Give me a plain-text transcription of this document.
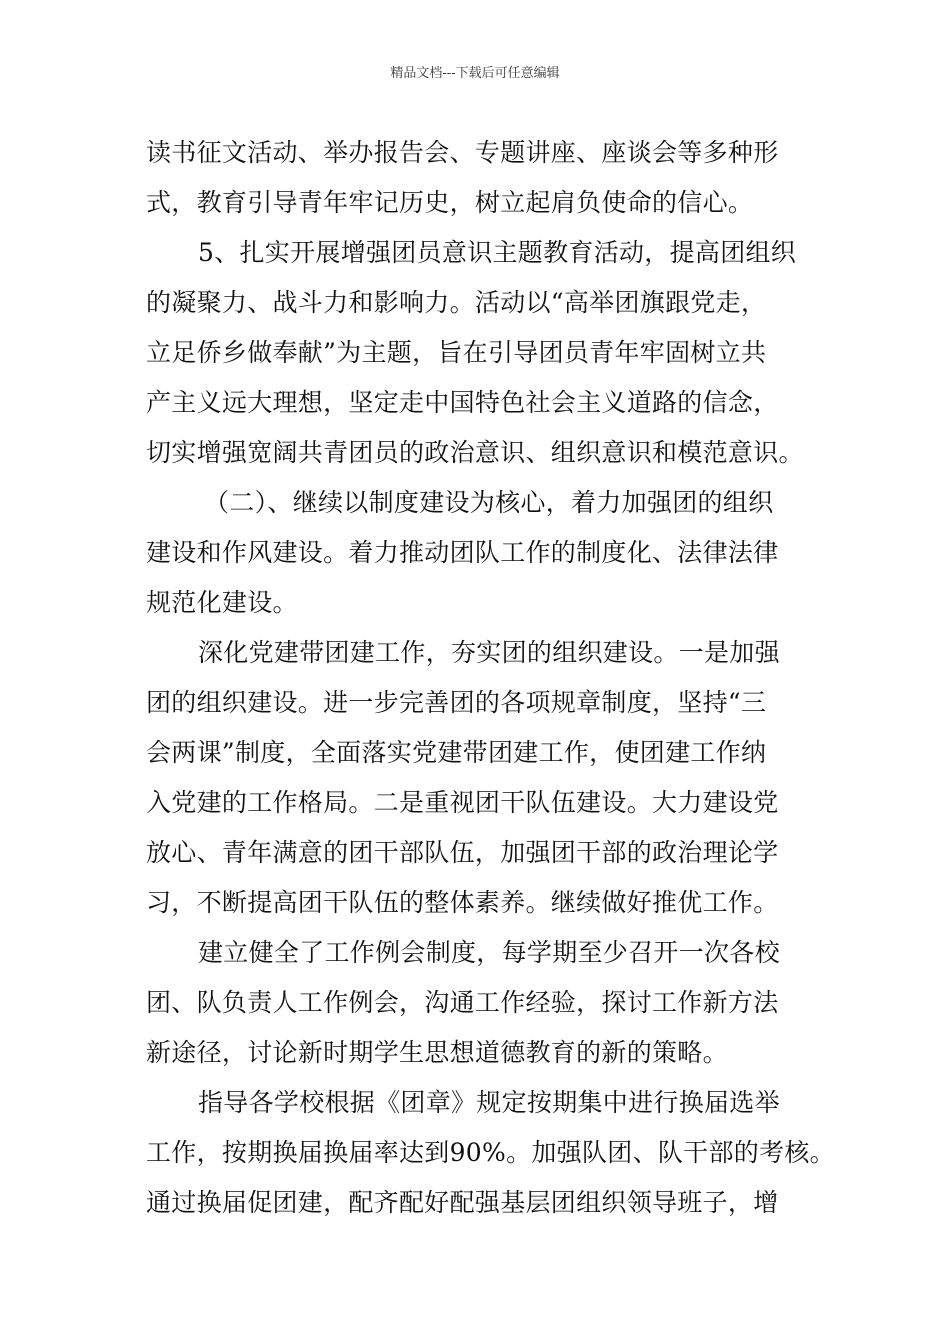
精品文档---下载后可任意编辑
读书征文活动、举办报告会、专题讲座、座谈会等多种形
式，教育引导青年牢记历史，树立起肩负使命的信心。
5、扎实开展增强团员意识主题教育活动，提高团组织
的凝聚力、战斗力和影响力。活动以“高举团旗跟党走，
立足侨乡做奉献”为主题，旨在引导团员青年牢固树立共
产主义远大理想，坚定走中国特色社会主义道路的信念，
切实增强宽阔共青团员的政治意识、组织意识和模范意识。
（二）、继续以制度建设为核心，着力加强团的组织
建设和作风建设。着力推动团队工作的制度化、法律法律
规范化建设。
深化党建带团建工作，夯实团的组织建设。一是加强
团的组织建设。进一步完善团的各项规章制度，坚持“三
会两课”制度，全面落实党建带团建工作，使团建工作纳
入党建的工作格局。二是重视团干队伍建设。大力建设党
放心、青年满意的团干部队伍，加强团干部的政治理论学
习，不断提高团干队伍的整体素养。继续做好推优工作。
建立健全了工作例会制度，每学期至少召开一次各校
团、队负责人工作例会，沟通工作经验，探讨工作新方法
新途径，讨论新时期学生思想道德教育的新的策略。
指导各学校根据《团章》规定按期集中进行换届选举
工作，按期换届换届率达到90%。加强队团、队干部的考核。
通过换届促团建，配齐配好配强基层团组织领导班子，增
